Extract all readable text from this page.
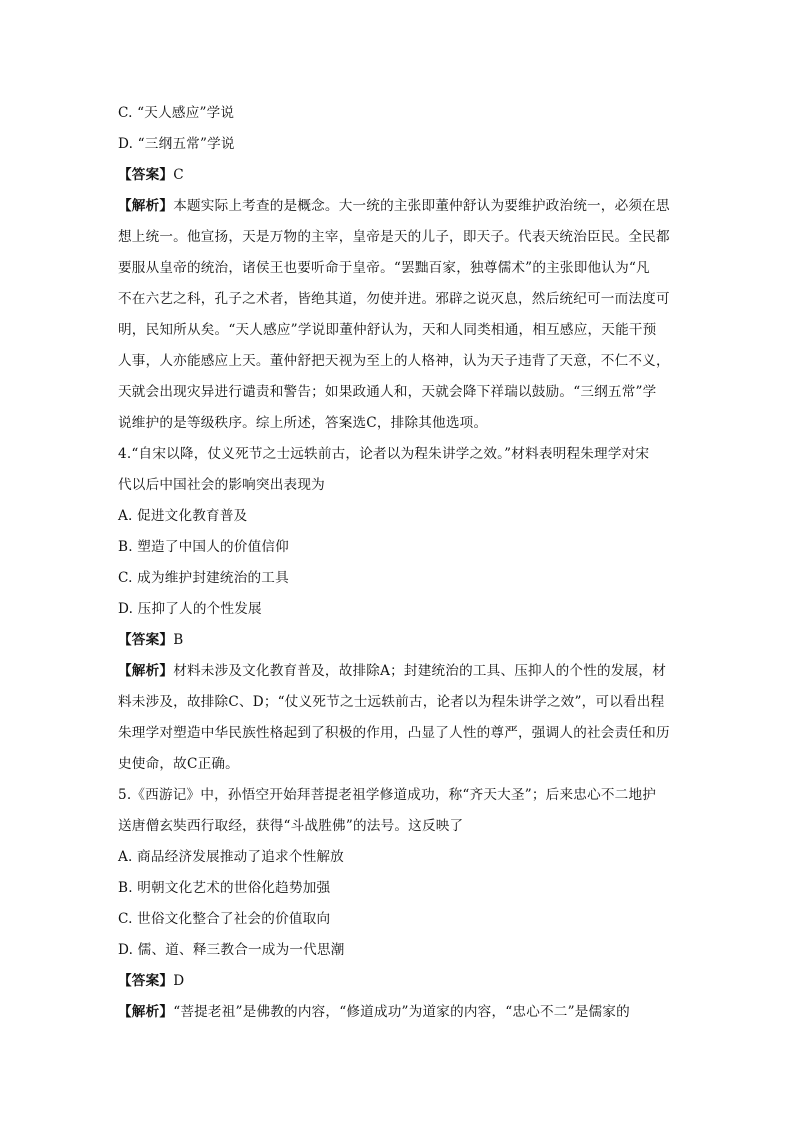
C. “天人感应”学说
D. “三纲五常”学说
【答案】C
【解析】本题实际上考查的是概念。大一统的主张即董仲舒认为要维护政治统一，必须在思
想上统一。他宣扬，天是万物的主宰，皇帝是天的儿子，即天子。代表天统治臣民。全民都
要服从皇帝的统治，诸侯王也要听命于皇帝。“罢黜百家，独尊儒术”的主张即他认为“凡
不在六艺之科，孔子之术者，皆绝其道，勿使并进。邪辟之说灭息，然后统纪可一而法度可
明，民知所从矣。“天人感应”学说即董仲舒认为，天和人同类相通，相互感应，天能干预
人事，人亦能感应上天。董仲舒把天视为至上的人格神，认为天子违背了天意，不仁不义，
天就会出现灾异进行谴责和警告；如果政通人和，天就会降下祥瑞以鼓励。“三纲五常”学
说维护的是等级秩序。综上所述，答案选C，排除其他选项。
4.“自宋以降，仗义死节之士远轶前古，论者以为程朱讲学之效。”材料表明程朱理学对宋
代以后中国社会的影响突出表现为
A. 促进文化教育普及
B. 塑造了中国人的价值信仰
C. 成为维护封建统治的工具
D. 压抑了人的个性发展
【答案】B
【解析】材料未涉及文化教育普及，故排除A；封建统治的工具、压抑人的个性的发展，材
料未涉及，故排除C、D；“仗义死节之士远轶前古，论者以为程朱讲学之效”，可以看出程
朱理学对塑造中华民族性格起到了积极的作用，凸显了人性的尊严，强调人的社会责任和历
史使命，故C正确。
5.《西游记》中，孙悟空开始拜菩提老祖学修道成功，称“齐天大圣”；后来忠心不二地护
送唐僧玄奘西行取经，获得“斗战胜佛”的法号。这反映了
A. 商品经济发展推动了追求个性解放
B. 明朝文化艺术的世俗化趋势加强
C. 世俗文化整合了社会的价值取向
D. 儒、道、释三教合一成为一代思潮
【答案】D
【解析】“菩提老祖”是佛教的内容，“修道成功”为道家的内容，“忠心不二”是儒家的
